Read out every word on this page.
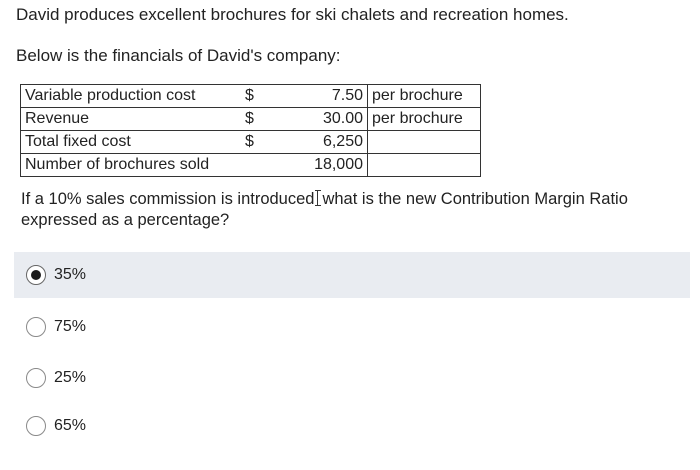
David produces excellent brochures for ski chalets and recreation homes.

Below is the financials of David's company:

Variable production cost	$	7.50	per brochure
Revenue	$	30.00	per brochure
Total fixed cost	$	6,250	
Number of brochures sold		18,000	

If a 10% sales commission is introduced what is the new Contribution Margin Ratio expressed as a percentage?

35%
75%
25%
65%
